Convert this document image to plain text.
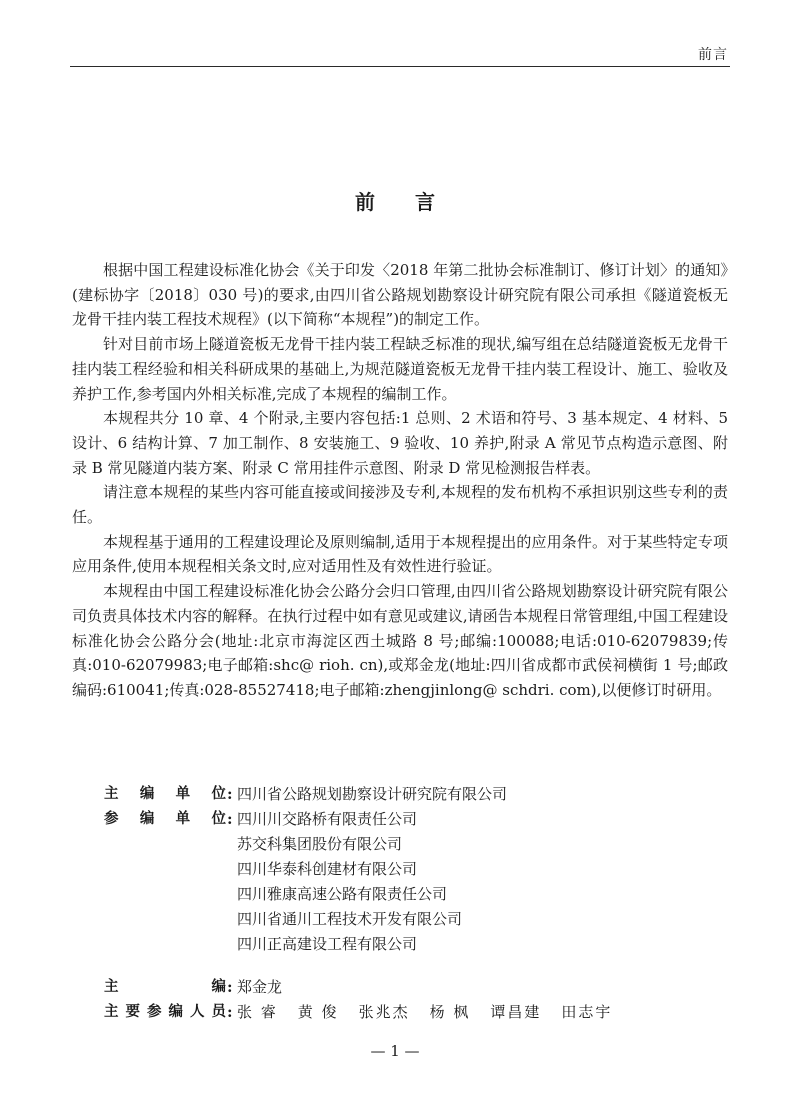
前言
前言

根据中国工程建设标准化协会《关于印发〈2018 年第二批协会标准制订、修订计划〉的通知》(建标协字〔2018〕030 号)的要求,由四川省公路规划勘察设计研究院有限公司承担《隧道瓷板无龙骨干挂内装工程技术规程》(以下简称“本规程”)的制定工作。

针对目前市场上隧道瓷板无龙骨干挂内装工程缺乏标准的现状,编写组在总结隧道瓷板无龙骨干挂内装工程经验和相关科研成果的基础上,为规范隧道瓷板无龙骨干挂内装工程设计、施工、验收及养护工作,参考国内外相关标准,完成了本规程的编制工作。

本规程共分 10 章、4 个附录,主要内容包括:1 总则、2 术语和符号、3 基本规定、4 材料、5 设计、6 结构计算、7 加工制作、8 安装施工、9 验收、10 养护,附录 A 常见节点构造示意图、附录 B 常见隧道内装方案、附录 C 常用挂件示意图、附录 D 常见检测报告样表。

请注意本规程的某些内容可能直接或间接涉及专利,本规程的发布机构不承担识别这些专利的责任。

本规程基于通用的工程建设理论及原则编制,适用于本规程提出的应用条件。对于某些特定专项应用条件,使用本规程相关条文时,应对适用性及有效性进行验证。

本规程由中国工程建设标准化协会公路分会归口管理,由四川省公路规划勘察设计研究院有限公司负责具体技术内容的解释。在执行过程中如有意见或建议,请函告本规程日常管理组,中国工程建设标准化协会公路分会(地址:北京市海淀区西土城路 8 号;邮编:100088;电话:010-62079839;传真:010-62079983;电子邮箱:shc@ rioh. cn),或郑金龙(地址:四川省成都市武侯祠横街 1 号;邮政编码:610041;传真:028-85527418;电子邮箱:zhengjinlong@ schdri. com),以便修订时研用。

主编单位 : 四川省公路规划勘察设计研究院有限公司
参编单位 : 四川川交路桥有限责任公司
苏交科集团股份有限公司
四川华泰科创建材有限公司
四川雅康高速公路有限责任公司
四川省通川工程技术开发有限公司
四川正高建设工程有限公司
主编 : 郑金龙
主要参编人员 : 张 睿 黄 俊 张兆杰 杨 枫 谭昌建 田志宇
— 1 —
